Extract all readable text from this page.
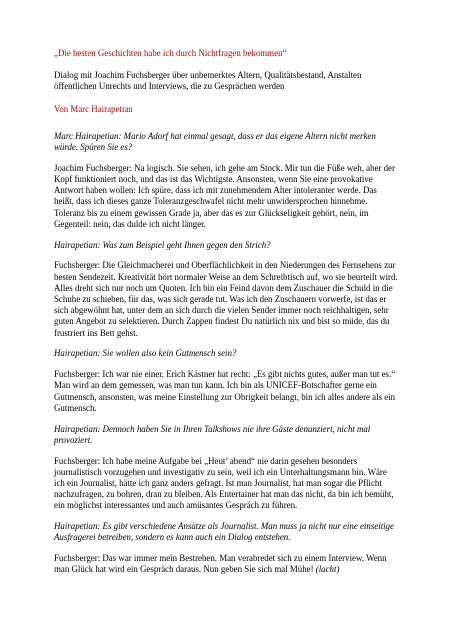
„Die besten Geschichten habe ich durch Nichtfragen bekommen“

Dialog mit Joachim Fuchsberger über unbemerktes Altern, Qualitätsbestand, Anstalten öffentlichen Unrechts und Interviews, die zu Gesprächen werden

Von Marc Hairapetian

Marc Hairapetian: Mario Adorf hat einmal gesagt, dass er das eigene Altern nicht merken würde. Spüren Sie es?

Joachim Fuchsberger: Na logisch. Sie sehen, ich gehe am Stock. Mir tun die Füße weh, aber der Kopf funktioniert noch, und das ist das Wichtigste. Ansonsten, wenn Sie eine provokative Antwort haben wollen: Ich spüre, dass ich mit zunehmendem Alter intoleranter werde. Das heißt, dass ich dieses ganze Toleranzgeschwafel nicht mehr unwidersprochen hinnehme. Toleranz bis zu einem gewissen Grade ja, aber das es zur Glückseligkeit gehört, nein, im Gegenteil: nein, das dulde ich nicht länger.

Hairapetian: Was zum Beispiel geht Ihnen gegen den Strich?

Fuchsberger: Die Gleichmacherei und Oberflächlichkeit in den Niederungen des Fernsehens zur besten Sendezeit. Kreativität hört normaler Weise an dem Schreibtisch auf, wo sie beurteilt wird. Alles dreht sich nur noch um Quoten. Ich bin ein Feind davon dem Zuschauer die Schuld in die Schuhe zu schieben, für das, was sich gerade tut. Was ich den Zuschauern vorwerfe, ist das er sich abgewöhnt hat, unter dem an sich durch die vielen Sender immer noch reichhaltigen, sehr guten Angebot zu selektieren. Durch Zappen findest Du natürlich nix und bist so müde, das du frustriert ins Bett gehst.

Hairapetian: Sie wollen also kein Gutmensch sein?

Fuchsberger: Ich war nie einer. Erich Kästner hat recht: „Es gibt nichts gutes, außer man tut es.“ Man wird an dem gemessen, was man tun kann. Ich bin als UNICEF-Botschafter gerne ein Gutmensch, ansonsten, was meine Einstellung zur Obrigkeit belangt, bin ich alles andere als ein Gutmensch.

Hairapetian: Dennoch haben Sie in Ihren Talkshows nie ihre Gäste denunziert, nicht mal provoziert.

Fuchsberger: Ich habe meine Aufgabe bei „Heut’ abend“ nie darin gesehen besonders journalistisch vorzugehen und investigativ zu sein, weil ich ein Unterhaltungsmann bin. Wäre ich ein Journalist, hätte ich ganz anders gefragt. Ist man Journalist, hat man sogar die Pflicht nachzufragen, zu bohren, dran zu bleiben. Als Entertainer hat man das nicht, da bin ich bemüht, ein möglichst interessantes und auch amüsantes Gespräch zu führen.

Hairapetian: Es gibt verschiedene Ansätze als Journalist. Man muss ja nicht nur eine einseitige Ausfragerei betreiben, sondern es kann auch ein Dialog entstehen.

Fuchsberger: Das war immer mein Bestreben. Man verabredet sich zu einem Interview. Wenn man Glück hat wird ein Gespräch daraus. Nun geben Sie sich mal Mühe! (lacht)
